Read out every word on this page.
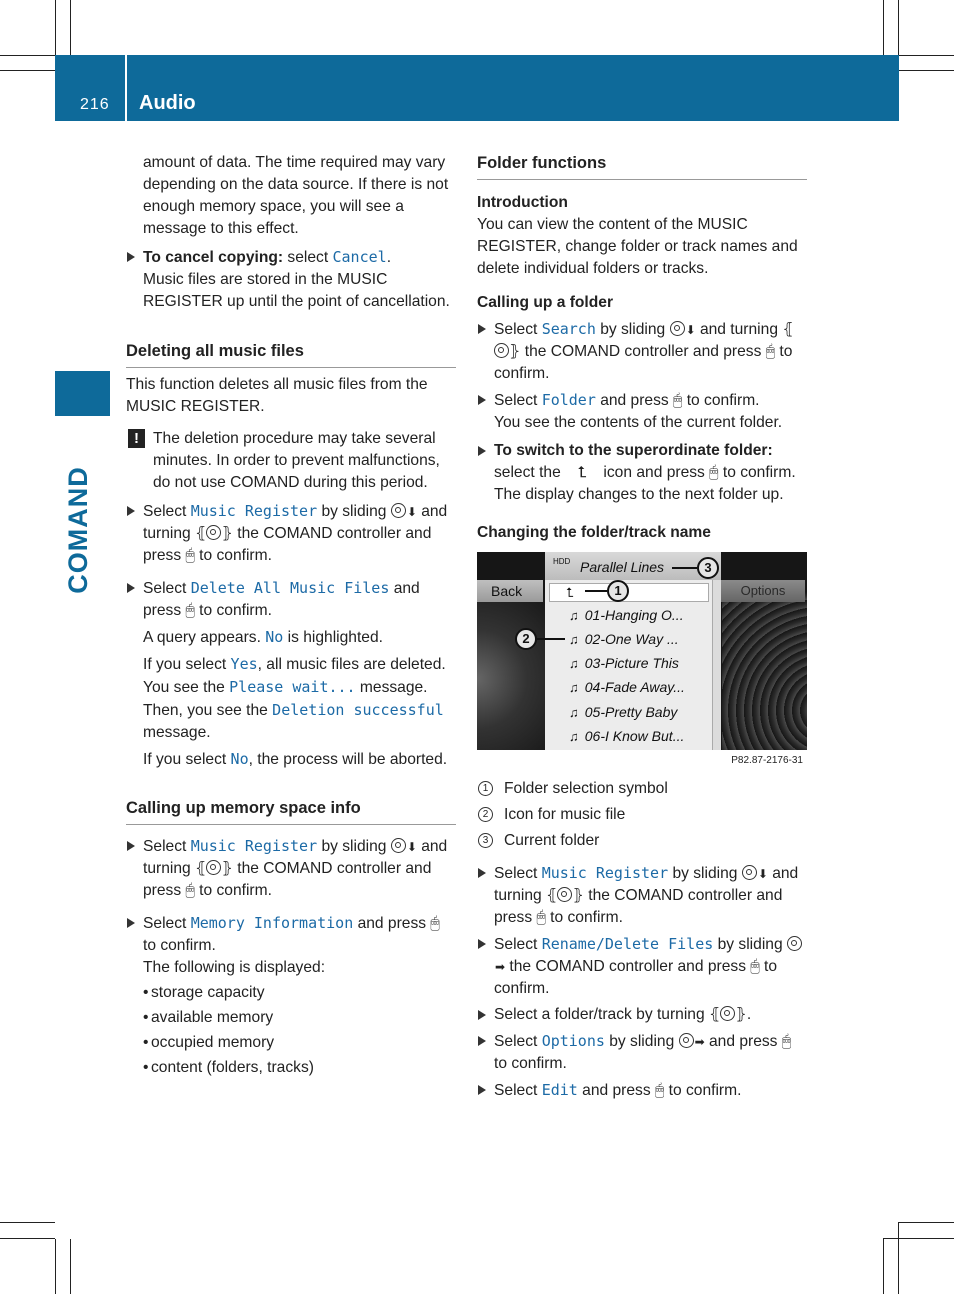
216 Audio
COMAND

amount of data. The time required may vary depending on the data source. If there is not enough memory space, you will see a message to this effect.

To cancel copying: select Cancel.

Music files are stored in the MUSIC REGISTER up until the point of cancellation.

Deleting all music files

This function deletes all music files from the MUSIC REGISTER.

! The deletion procedure may take several minutes. In order to prevent malfunctions, do not use COMAND during this period.
Select Music Register by sliding ⬇ and turning ⦃ ⦄ the COMAND controller and press 🖱 to confirm.
Select Delete All Music Files and press 🖱 to confirm.

A query appears. No is highlighted.

If you select Yes, all music files are deleted. You see the Please wait... message. Then, you see the Deletion successful message.

If you select No, the process will be aborted.

Calling up memory space info
Select Music Register by sliding ⬇ and turning ⦃ ⦄ the COMAND controller and press 🖱 to confirm.
Select Memory Information and press 🖱 to confirm.

The following is displayed:

• storage capacity
• available memory
• occupied memory
• content (folders, tracks)
Folder functions

Introduction

You can view the content of the MUSIC REGISTER, change folder or track names and delete individual folders or tracks.

Calling up a folder

Select Search by sliding ⬇ and turning ⦃⦄ the COMAND controller and press 🖱 to confirm.
Select Folder and press 🖱 to confirm.

You see the contents of the current folder.

To switch to the superordinate folder:
select the ⮤ icon and press 🖱 to confirm.

The display changes to the next folder up.

Changing the folder/track name

HDD Parallel Lines
Back	Options
⮤
♫ 01-Hanging O...
♫ 02-One Way ...
♫ 03-Picture This
♫ 04-Fade Away...
♫ 05-Pretty Baby
♫ 06-I Know But...
1
2
3
P82.87-2176-31
1	Folder selection symbol
2	Icon for music file
3	Current folder
Select Music Register by sliding ⬇ and turning ⦃ ⦄ the COMAND controller and press 🖱 to confirm.
Select Rename/Delete Files by sliding ➡ the COMAND controller and press 🖱 to confirm.
Select a folder/track by turning ⦃ ⦄.
Select Options by sliding ➡ and press 🖱 to confirm.
Select Edit and press 🖱 to confirm.
